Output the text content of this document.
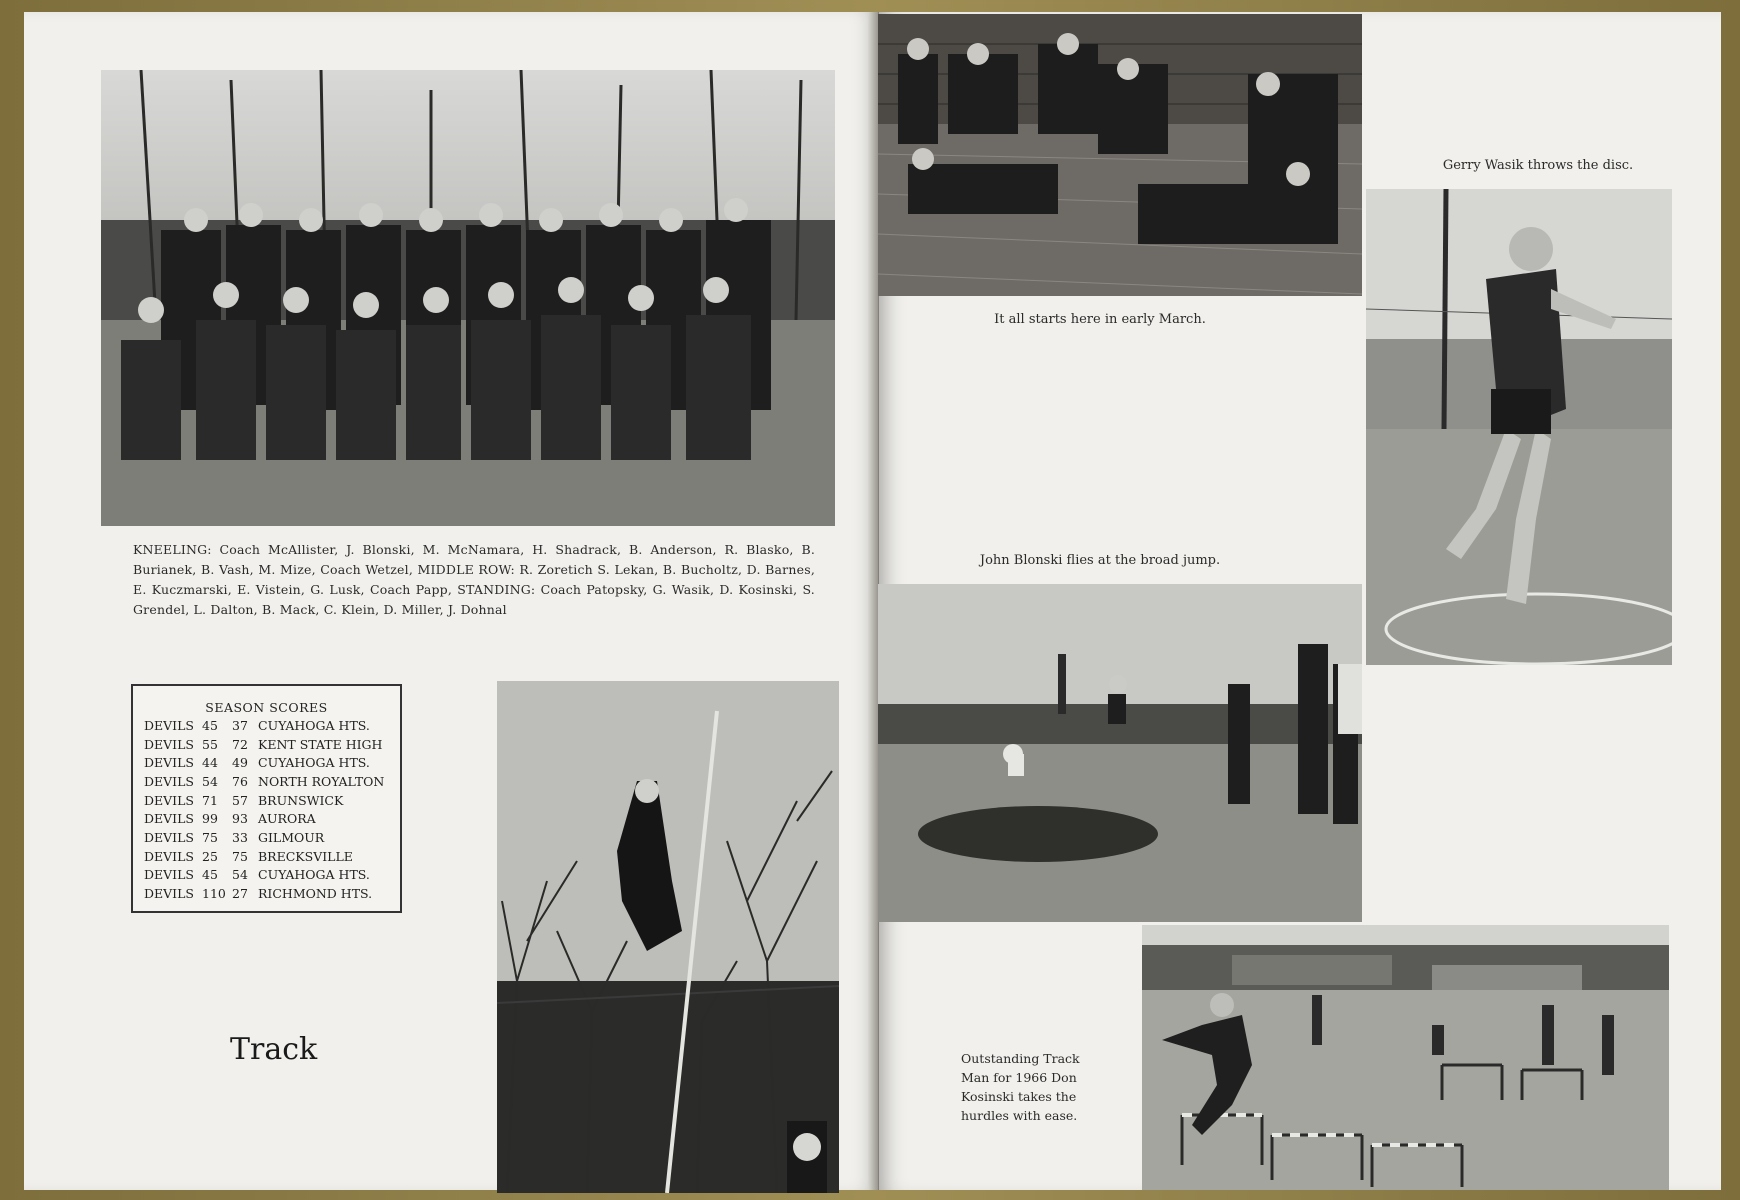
KNEELING: Coach McAllister, J. Blonski, M. McNamara, H. Shadrack, B. Anderson, R. Blasko, B. Burianek, B. Vash, M. Mize, Coach Wetzel, MIDDLE ROW: R. Zoretich S. Lekan, B. Bucholtz, D. Barnes, E. Kuczmarski, E. Vistein, G. Lusk, Coach Papp, STANDING: Coach Patopsky, G. Wasik, D. Kosinski, S. Grendel, L. Dalton, B. Mack, C. Klein, D. Miller, J. Dohnal
SEASON SCORES
DEVILS	45	37	CUYAHOGA HTS.
DEVILS	55	72	KENT STATE HIGH
DEVILS	44	49	CUYAHOGA HTS.
DEVILS	54	76	NORTH ROYALTON
DEVILS	71	57	BRUNSWICK
DEVILS	99	93	AURORA
DEVILS	75	33	GILMOUR
DEVILS	25	75	BRECKSVILLE
DEVILS	45	54	CUYAHOGA HTS.
DEVILS	110	27	RICHMOND HTS.
Track
It all starts here in early March.
Gerry Wasik throws the disc.
John Blonski flies at the broad jump.
Outstanding Track Man for 1966 Don Kosinski takes the hurdles with ease.
